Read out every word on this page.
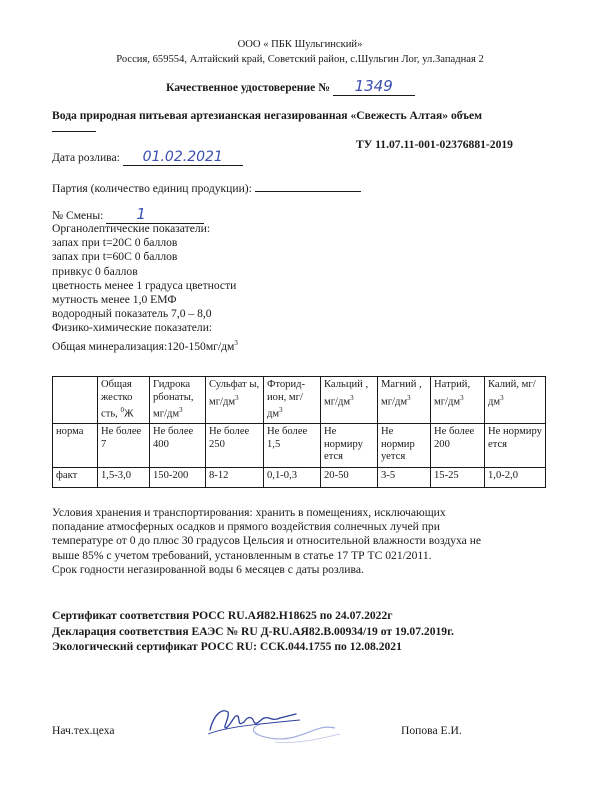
ООО « ПБК Шульгинский»
Россия, 659554, Алтайский край, Советский район, с.Шульгин Лог, ул.Западная 2
Качественное удостоверение № 1349
Вода природная питьевая артезианская негазированная «Свежесть Алтая» объем
ТУ 11.07.11-001-02376881-2019
Дата розлива: 01.02.2021
Партия (количество единиц продукции):
№ Смены: 1
Органолептические показатели:
запах при t=20C 0 баллов
запах при t=60C 0 баллов
привкус 0 баллов
цветность менее 1 градуса цветности
мутность менее 1,0 ЕМФ
водородный показатель 7,0 – 8,0
Физико-химические показатели:
Общая $минерализация:120-150мг/дм^3$
	Общая жестко сть, $^0$Ж	Гидрока рбонаты, $мг/дм^3$	Сульфат ы, $мг/дм^3$	Фторид-ион, $мг/дм^3$	Кальций , $мг/дм^3$	Магний , $мг/дм^3$	Натрий, $мг/дм^3$	Калий, $мг/дм^3$
норма	Не более 7	Не более 400	Не более 250	Не более 1,5	Не нормиру ется	Не нормир уется	Не более 200	Не нормиру ется
факт	1,5-3,0	150-200	8-12	0,1-0,3	20-50	3-5	15-25	1,0-2,0
Условия хранения и транспортирования: хранить в помещениях, исключающих
попадание атмосферных осадков и прямого воздействия солнечных лучей при
температуре от 0 до плюс 30 градусов Цельсия и относительной влажности воздуха не
выше 85% с учетом требований, установленным в статье 17 ТР ТС 021/2011.
Срок годности негазированной воды 6 месяцев с даты розлива.
Сертификат соответствия РОСС RU.АЯ82.Н18625 по 24.07.2022г
Декларация соответствия ЕАЭС № RU Д-RU.АЯ82.В.00934/19 от 19.07.2019г.
Экологический сертификат РОСС RU: ССК.044.1755 по 12.08.2021
Нач.тех.цеха	Попова Е.И.
